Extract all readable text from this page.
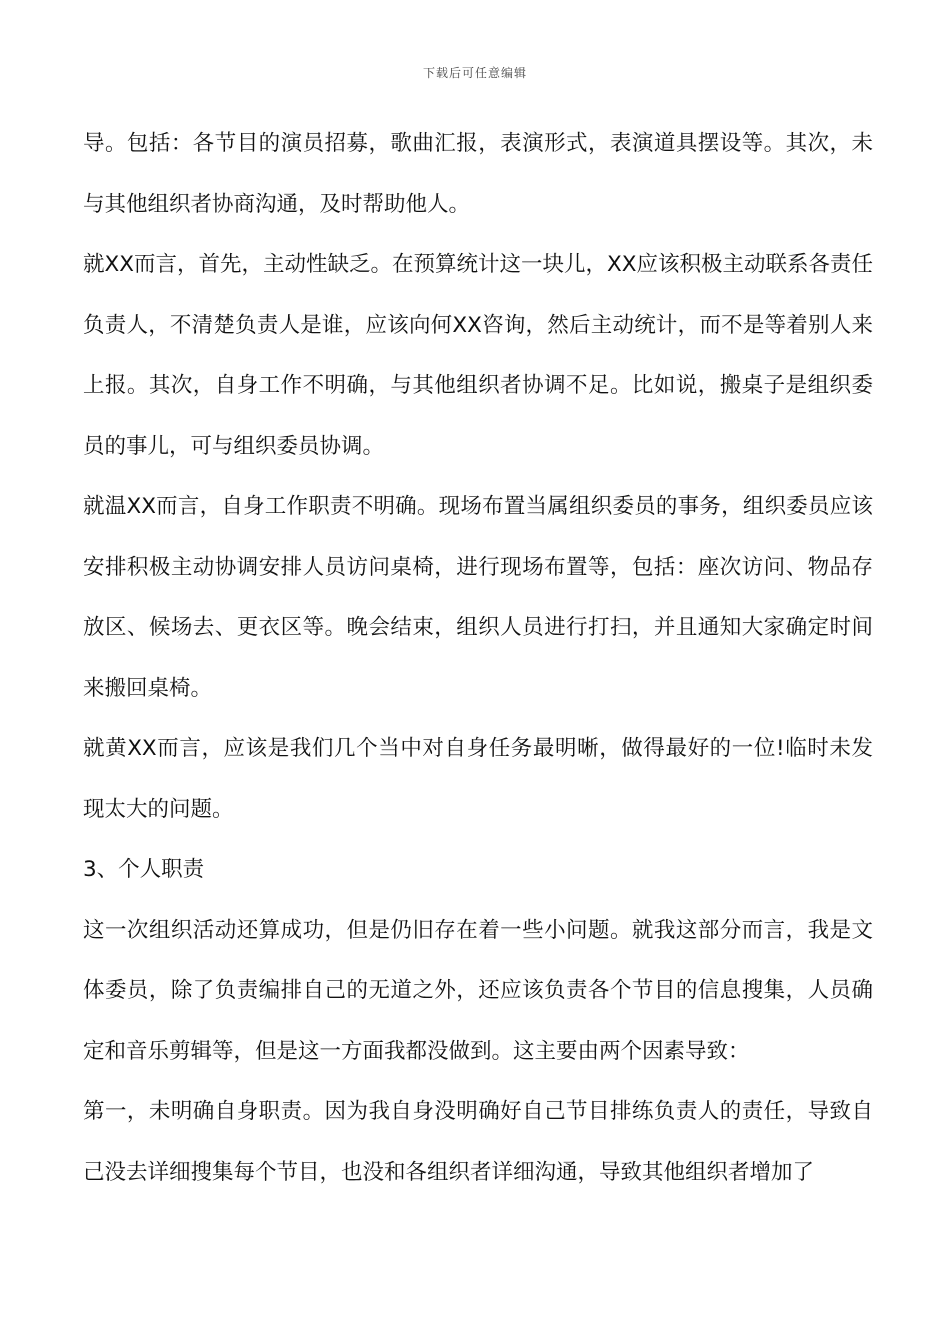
下载后可任意编辑

导。包括：各节目的演员招募，歌曲汇报，表演形式，表演道具摆设等。其次，未与其他组织者协商沟通，及时帮助他人。

就XX而言，首先，主动性缺乏。在预算统计这一块儿，XX应该积极主动联系各责任负责人，不清楚负责人是谁，应该向何XX咨询，然后主动统计，而不是等着别人来上报。其次，自身工作不明确，与其他组织者协调不足。比如说，搬桌子是组织委员的事儿，可与组织委员协调。

就温XX而言，自身工作职责不明确。现场布置当属组织委员的事务，组织委员应该安排积极主动协调安排人员访问桌椅，进行现场布置等，包括：座次访问、物品存放区、候场去、更衣区等。晚会结束，组织人员进行打扫，并且通知大家确定时间来搬回桌椅。

就黄XX而言，应该是我们几个当中对自身任务最明晰，做得最好的一位!临时未发现太大的问题。

3、个人职责

这一次组织活动还算成功，但是仍旧存在着一些小问题。就我这部分而言，我是文体委员，除了负责编排自己的无道之外，还应该负责各个节目的信息搜集，人员确定和音乐剪辑等，但是这一方面我都没做到。这主要由两个因素导致：

第一，未明确自身职责。因为我自身没明确好自己节目排练负责人的责任，导致自己没去详细搜集每个节目，也没和各组织者详细沟通，导致其他组织者增加了
